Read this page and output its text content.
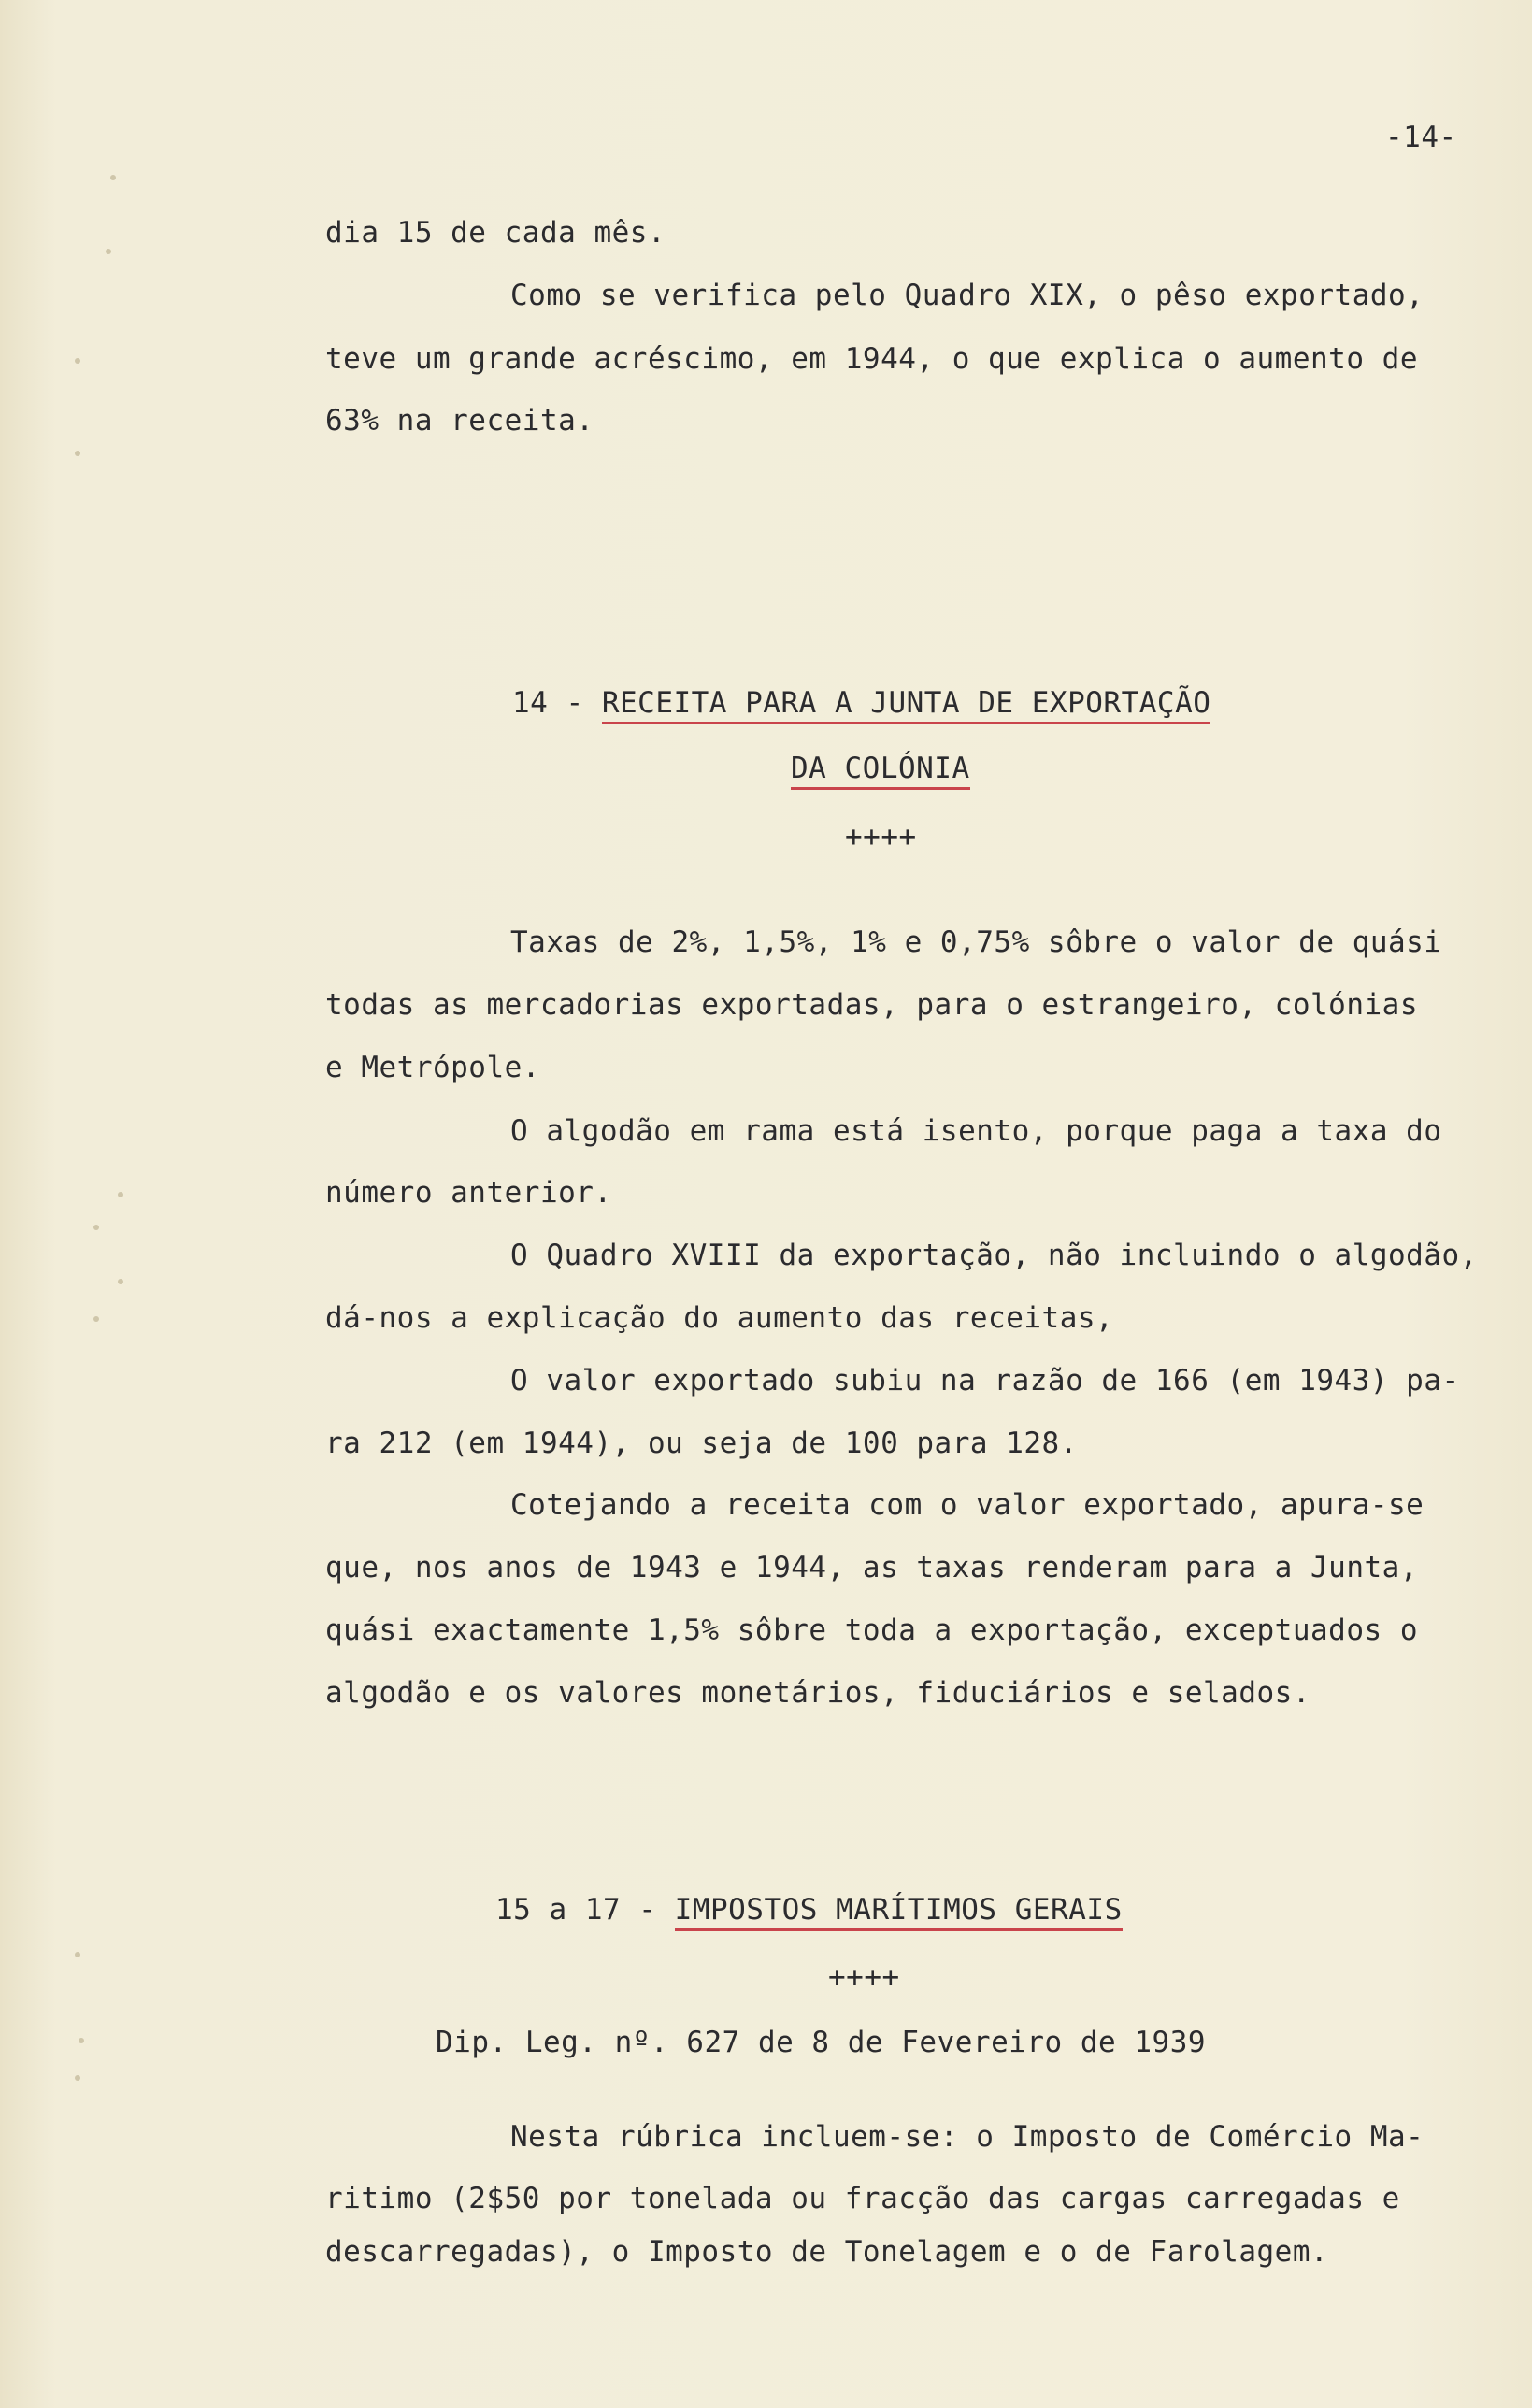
-14-
dia 15 de cada mês.
Como se verifica pelo Quadro XIX, o pêso exportado,
teve um grande acréscimo, em 1944, o que explica o aumento de
63% na receita.
14 - RECEITA PARA A JUNTA DE EXPORTAÇÃO
DA COLÓNIA
++++
Taxas de 2%, 1,5%, 1% e 0,75% sôbre o valor de quási
todas as mercadorias exportadas, para o estrangeiro, colónias
e Metrópole.
O algodão em rama está isento, porque paga a taxa do
número anterior.
O Quadro XVIII da exportação, não incluindo o algodão,
dá-nos a explicação do aumento das receitas,
O valor exportado subiu na razão de 166 (em 1943) pa-
ra 212 (em 1944), ou seja de 100 para 128.
Cotejando a receita com o valor exportado, apura-se
que, nos anos de 1943 e 1944, as taxas renderam para a Junta,
quási exactamente 1,5% sôbre toda a exportação, exceptuados o
algodão e os valores monetários, fiduciários e selados.
15 a 17 - IMPOSTOS MARÍTIMOS GERAIS
++++
Dip. Leg. nº. 627 de 8 de Fevereiro de 1939
Nesta rúbrica incluem-se: o Imposto de Comércio Ma-
ritimo (2$50 por tonelada ou fracção das cargas carregadas e
descarregadas), o Imposto de Tonelagem e o de Farolagem.
